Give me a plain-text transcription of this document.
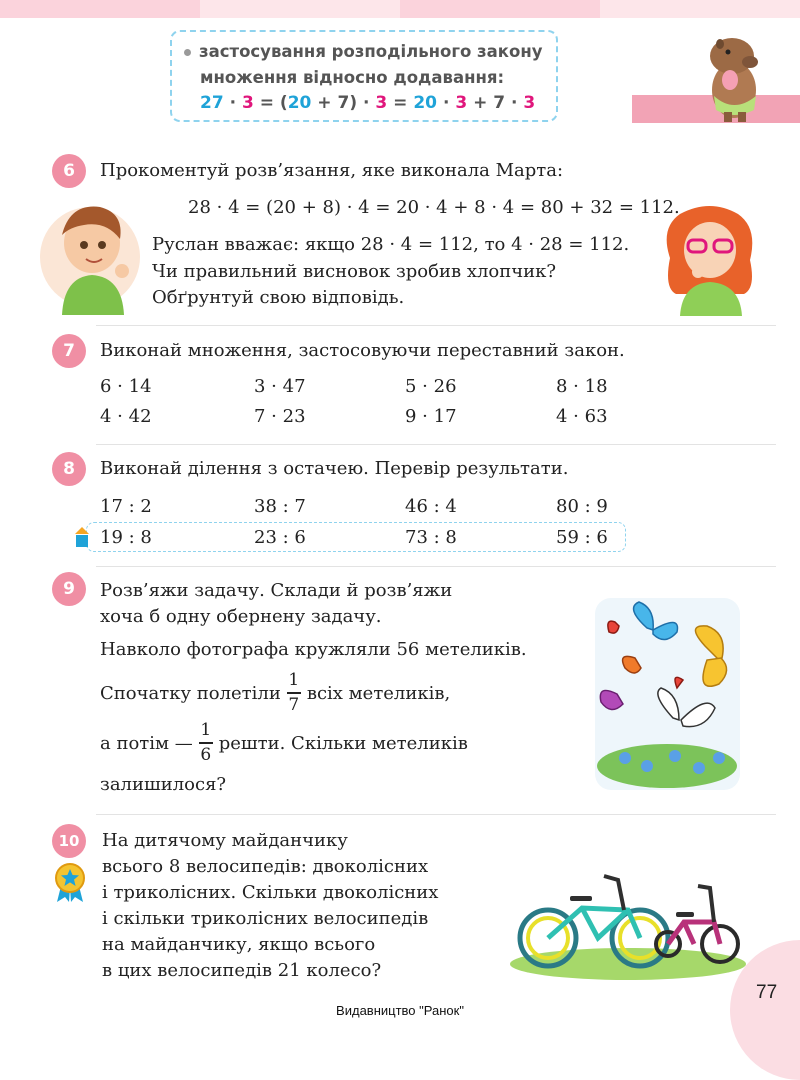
застосування розподільного закону
множення відносно додавання:
27 · 3 = (20 + 7) · 3 = 20 · 3 + 7 · 3
6	Прокоментуй розв’язання, яке виконала Марта:
28 · 4 = (20 + 8) · 4 = 20 · 4 + 8 · 4 = 80 + 32 = 112.
Руслан вважає: якщо 28 · 4 = 112, то 4 · 28 = 112.
Чи правильний висновок зробив хлопчик?
Обґрунтуй свою відповідь.
7	Виконай множення, застосовуючи переставний закон.
6 · 14	3 · 47	5 · 26	8 · 18
4 · 42	7 · 23	9 · 17	4 · 63
8	Виконай ділення з остачею. Перевір результати.
17 : 2	38 : 7	46 : 4	80 : 9
19 : 8	23 : 6	73 : 8	59 : 6
9	Розв’яжи задачу. Склади й розв’яжи
хоча б одну обернену задачу.
Навколо фотографа кружляли 56 метеликів.
Спочатку полетіли $\frac{1}{7}$ всіх метеликів,
а потім — $\frac{1}{6}$ решти. Скільки метеликів
залишилося?
10	На дитячому майданчику
всього 8 велосипедів: двоколісних
і триколісних. Скільки двоколісних
і скільки триколісних велосипедів
на майданчику, якщо всього
в цих велосипедів 21 колесо?
77
Видавництво "Ранок"
